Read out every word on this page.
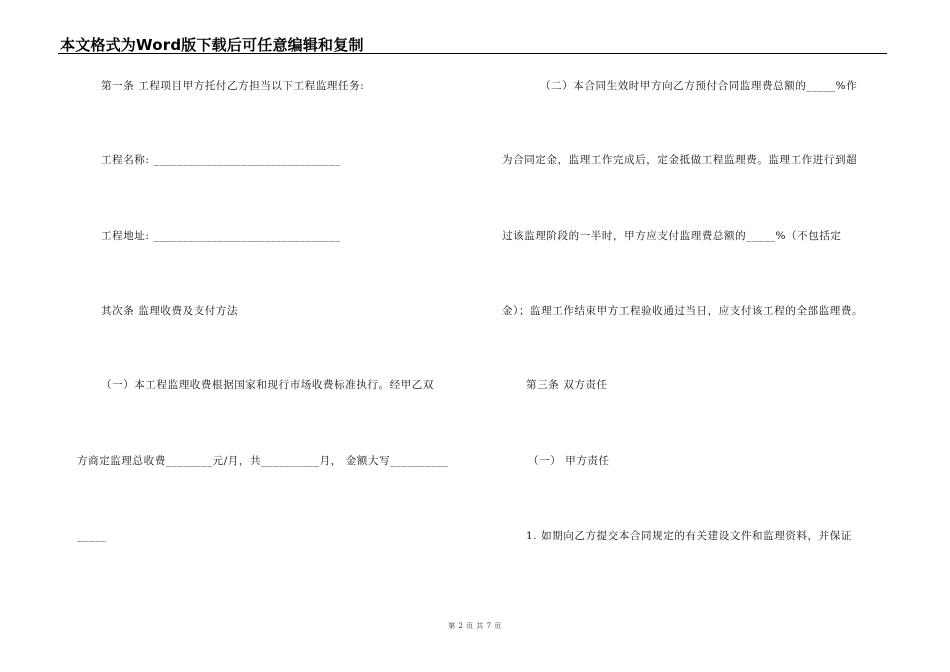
本文格式为Word版下载后可任意编辑和复制
第一条 工程项目甲方托付乙方担当以下工程监理任务:
工程名称: ________________________________
工程地址: ________________________________
其次条 监理收费及支付方法
（一）本工程监理收费根据国家和现行市场收费标准执行。经甲乙双
方商定监理总收费________元/月，共__________月， 金额大写__________
_____
（二）本合同生效时甲方向乙方预付合同监理费总额的_____%作
为合同定金，监理工作完成后，定金抵做工程监理费。监理工作进行到超
过该监理阶段的一半时，甲方应支付监理费总额的_____%（不包括定
金）；监理工作结束甲方工程验收通过当日，应支付该工程的全部监理费。
第三条 双方责任
（一） 甲方责任
1. 如期向乙方提交本合同规定的有关建设文件和监理资料，并保证
第 2 页 共 7 页
